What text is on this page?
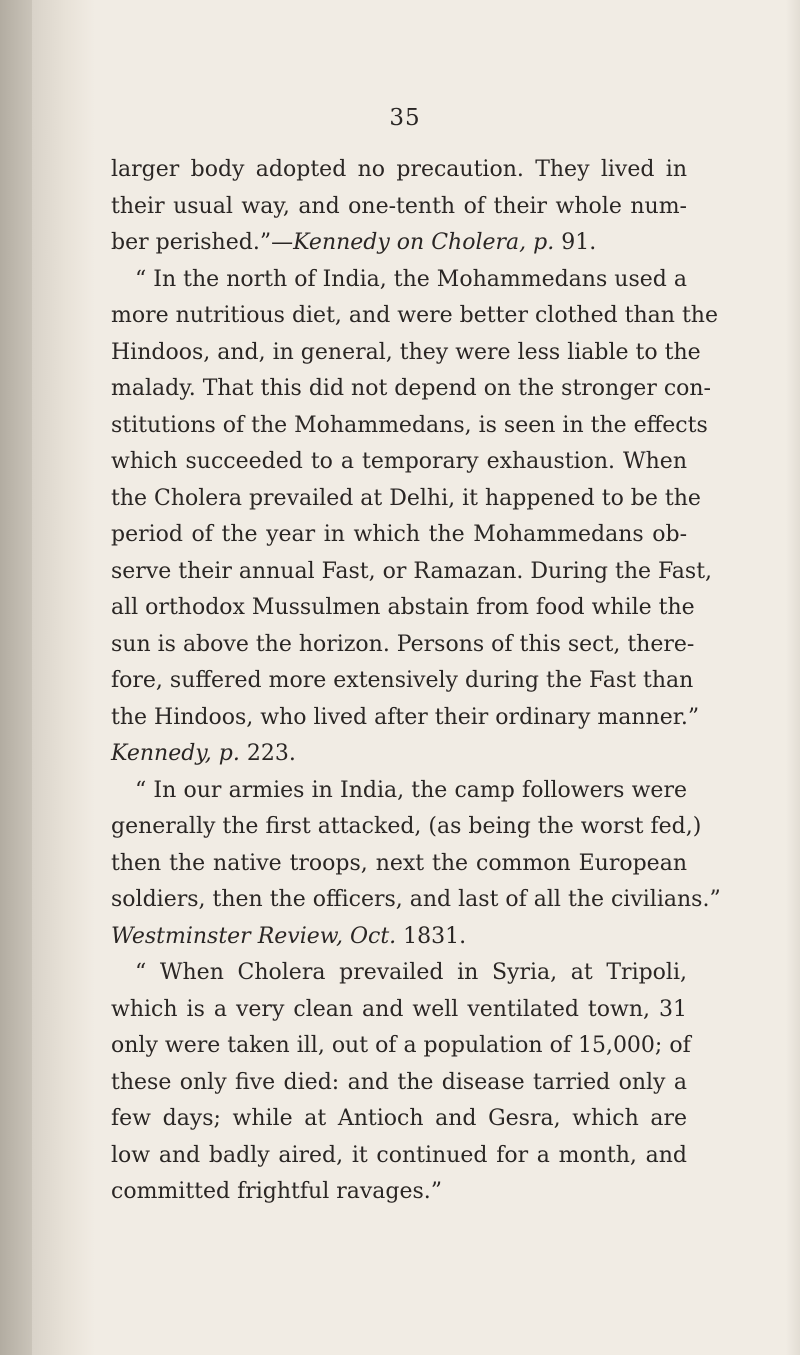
35
larger body adopted no precaution. They lived in
their usual way, and one-tenth of their whole num-
ber perished.”—Kennedy on Cholera, p. 91.
“ In the north of India, the Mohammedans used a
more nutritious diet, and were better clothed than the
Hindoos, and, in general, they were less liable to the
malady. That this did not depend on the stronger con-
stitutions of the Mohammedans, is seen in the effects
which succeeded to a temporary exhaustion. When
the Cholera prevailed at Delhi, it happened to be the
period of the year in which the Mohammedans ob-
serve their annual Fast, or Ramazan. During the Fast,
all orthodox Mussulmen abstain from food while the
sun is above the horizon. Persons of this sect, there-
fore, suffered more extensively during the Fast than
the Hindoos, who lived after their ordinary manner.”
Kennedy, p. 223.
“ In our armies in India, the camp followers were
generally the first attacked, (as being the worst fed,)
then the native troops, next the common European
soldiers, then the officers, and last of all the civilians.”
Westminster Review, Oct. 1831.
“ When Cholera prevailed in Syria, at Tripoli,
which is a very clean and well ventilated town, 31
only were taken ill, out of a population of 15,000; of
these only five died: and the disease tarried only a
few days; while at Antioch and Gesra, which are
low and badly aired, it continued for a month, and
committed frightful ravages.”
